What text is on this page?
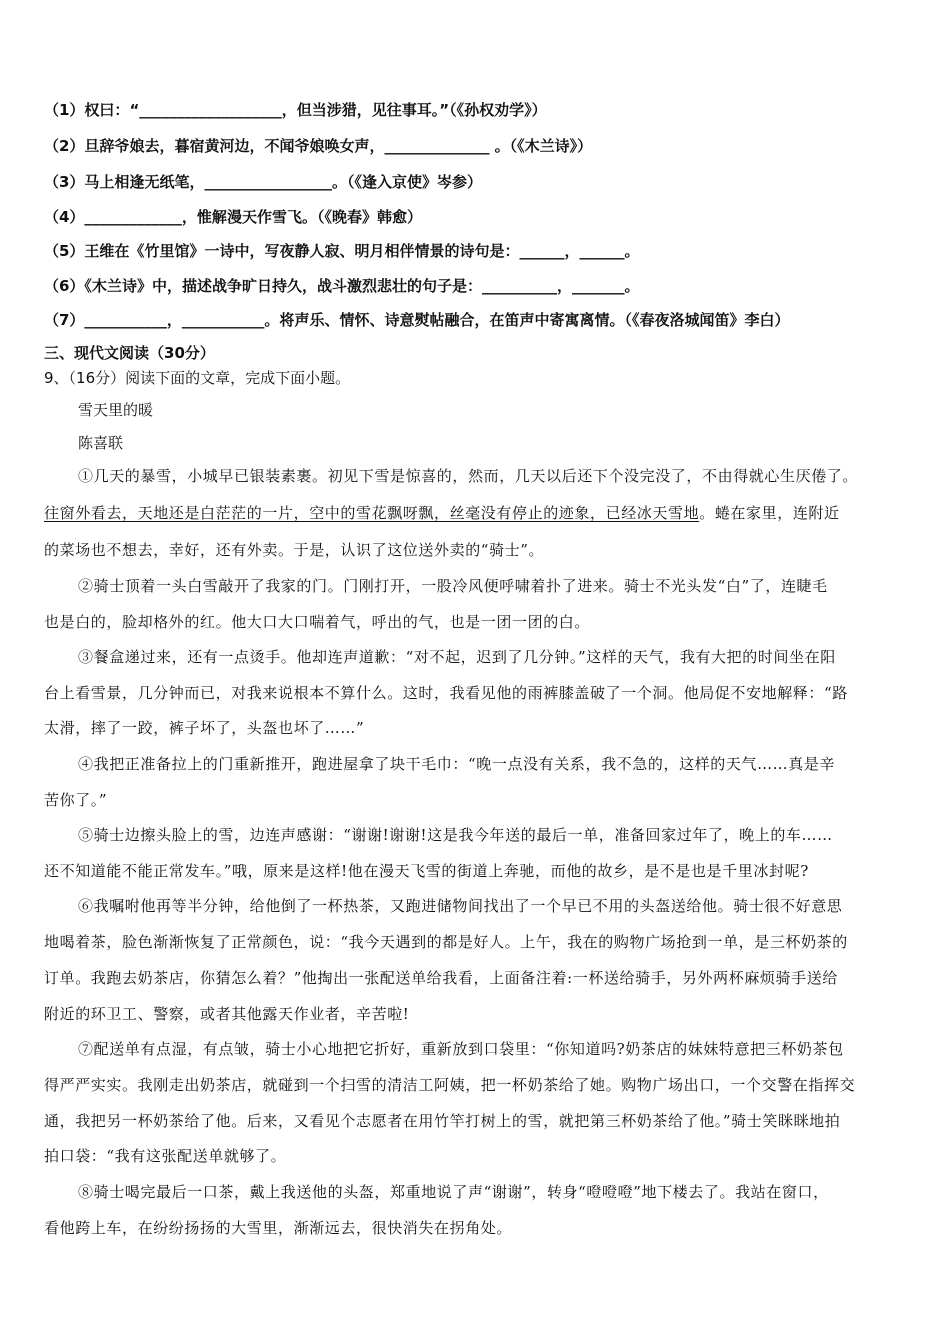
（1）权曰：“___________________，但当涉猎，见往事耳。”（《孙权劝学》）
（2）旦辞爷娘去，暮宿黄河边，不闻爷娘唤女声，______________ 。（《木兰诗》）
（3）马上相逢无纸笔，_________________。（《逢入京使》岑参）
（4）_____________，惟解漫天作雪飞。（《晚春》韩愈）
（5）王维在《竹里馆》一诗中，写夜静人寂、明月相伴情景的诗句是：______，______。
（6）《木兰诗》中，描述战争旷日持久，战斗激烈悲壮的句子是：__________，_______。
（7）___________，___________。将声乐、情怀、诗意熨帖融合，在笛声中寄寓离情。（《春夜洛城闻笛》李白）
三、现代文阅读（30分）
9、（16分）阅读下面的文章，完成下面小题。
雪天里的暖
陈喜联
①几天的暴雪，小城早已银装素裹。初见下雪是惊喜的，然而，几天以后还下个没完没了，不由得就心生厌倦了。
往窗外看去，天地还是白茫茫的一片，空中的雪花飘呀飘，丝毫没有停止的迹象，已经冰天雪地。蜷在家里，连附近
的菜场也不想去，幸好，还有外卖。于是，认识了这位送外卖的“骑士”。
②骑士顶着一头白雪敲开了我家的门。门刚打开，一股冷风便呼啸着扑了进来。骑士不光头发“白”了，连睫毛
也是白的，脸却格外的红。他大口大口喘着气，呼出的气，也是一团一团的白。
③餐盒递过来，还有一点烫手。他却连声道歉：“对不起，迟到了几分钟。”这样的天气，我有大把的时间坐在阳
台上看雪景，几分钟而已，对我来说根本不算什么。这时，我看见他的雨裤膝盖破了一个洞。他局促不安地解释：“路
太滑，摔了一跤，裤子坏了，头盔也坏了……”
④我把正准备拉上的门重新推开，跑进屋拿了块干毛巾：“晚一点没有关系，我不急的，这样的天气……真是辛
苦你了。”
⑤骑士边擦头脸上的雪，边连声感谢：“谢谢!谢谢!这是我今年送的最后一单，准备回家过年了，晚上的车……
还不知道能不能正常发车。”哦，原来是这样!他在漫天飞雪的街道上奔驰，而他的故乡，是不是也是千里冰封呢?
⑥我嘱咐他再等半分钟，给他倒了一杯热茶，又跑进储物间找出了一个早已不用的头盔送给他。骑士很不好意思
地喝着茶，脸色渐渐恢复了正常颜色，说：“我今天遇到的都是好人。上午，我在的购物广场抢到一单，是三杯奶茶的
订单。我跑去奶茶店，你猜怎么着？”他掏出一张配送单给我看，上面备注着:一杯送给骑手，另外两杯麻烦骑手送给
附近的环卫工、警察，或者其他露天作业者，辛苦啦!
⑦配送单有点湿，有点皱，骑士小心地把它折好，重新放到口袋里：“你知道吗?奶茶店的妹妹特意把三杯奶茶包
得严严实实。我刚走出奶茶店，就碰到一个扫雪的清洁工阿姨，把一杯奶茶给了她。购物广场出口，一个交警在指挥交
通，我把另一杯奶茶给了他。后来，又看见个志愿者在用竹竿打树上的雪，就把第三杯奶茶给了他。”骑士笑眯眯地拍
拍口袋：“我有这张配送单就够了。
⑧骑士喝完最后一口茶，戴上我送他的头盔，郑重地说了声“谢谢”，转身“噔噔噔”地下楼去了。我站在窗口，
看他跨上车，在纷纷扬扬的大雪里，渐渐远去，很快消失在拐角处。
